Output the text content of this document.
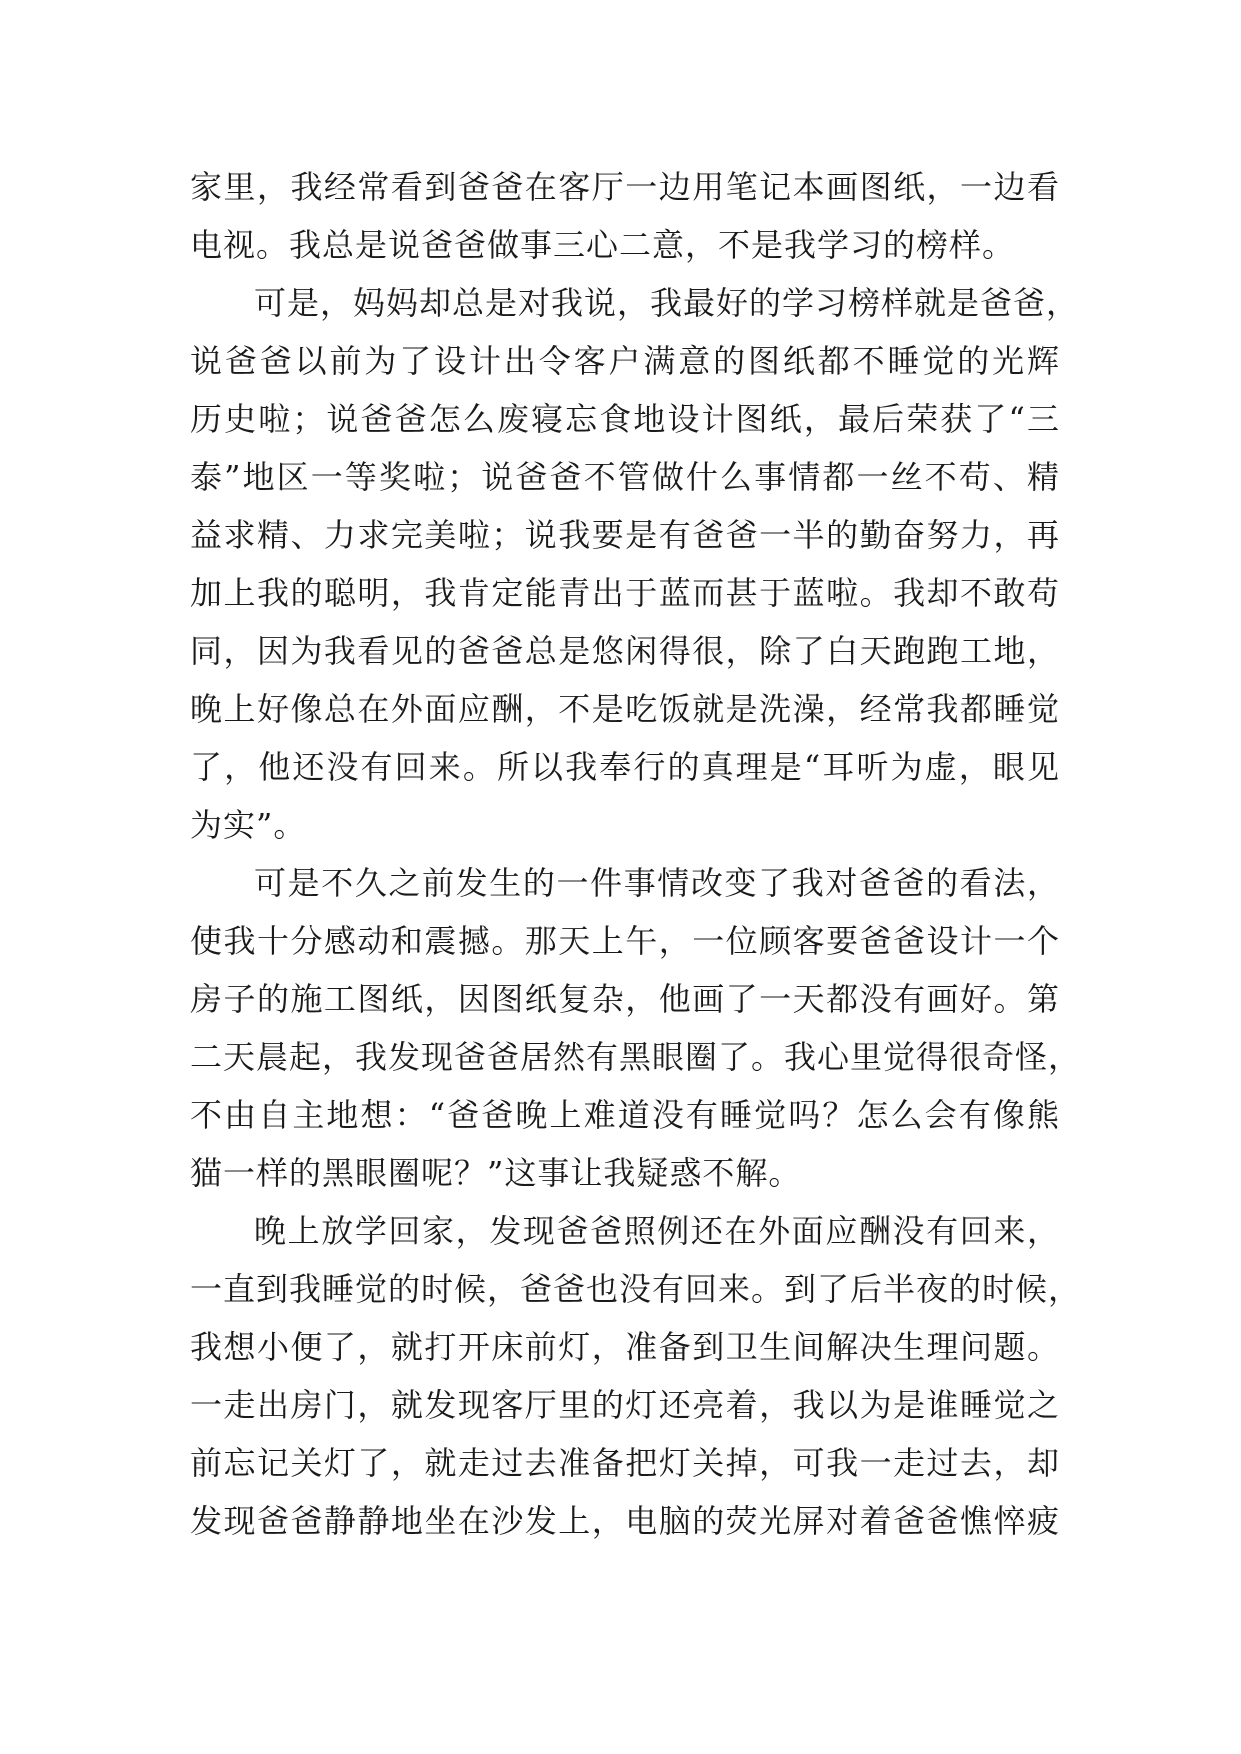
家里，我经常看到爸爸在客厅一边用笔记本画图纸，一边看
电视。我总是说爸爸做事三心二意，不是我学习的榜样。
可是，妈妈却总是对我说，我最好的学习榜样就是爸爸，
说爸爸以前为了设计出令客户满意的图纸都不睡觉的光辉
历史啦；说爸爸怎么废寝忘食地设计图纸，最后荣获了“三
泰”地区一等奖啦；说爸爸不管做什么事情都一丝不苟、精
益求精、力求完美啦；说我要是有爸爸一半的勤奋努力，再
加上我的聪明，我肯定能青出于蓝而甚于蓝啦。我却不敢苟
同，因为我看见的爸爸总是悠闲得很，除了白天跑跑工地，
晚上好像总在外面应酬，不是吃饭就是洗澡，经常我都睡觉
了，他还没有回来。所以我奉行的真理是“耳听为虚，眼见
为实”。
可是不久之前发生的一件事情改变了我对爸爸的看法，
使我十分感动和震撼。那天上午，一位顾客要爸爸设计一个
房子的施工图纸，因图纸复杂，他画了一天都没有画好。第
二天晨起，我发现爸爸居然有黑眼圈了。我心里觉得很奇怪，
不由自主地想：“爸爸晚上难道没有睡觉吗？怎么会有像熊
猫一样的黑眼圈呢？”这事让我疑惑不解。
晚上放学回家，发现爸爸照例还在外面应酬没有回来，
一直到我睡觉的时候，爸爸也没有回来。到了后半夜的时候，
我想小便了，就打开床前灯，准备到卫生间解决生理问题。
一走出房门，就发现客厅里的灯还亮着，我以为是谁睡觉之
前忘记关灯了，就走过去准备把灯关掉，可我一走过去，却
发现爸爸静静地坐在沙发上，电脑的荧光屏对着爸爸憔悴疲
